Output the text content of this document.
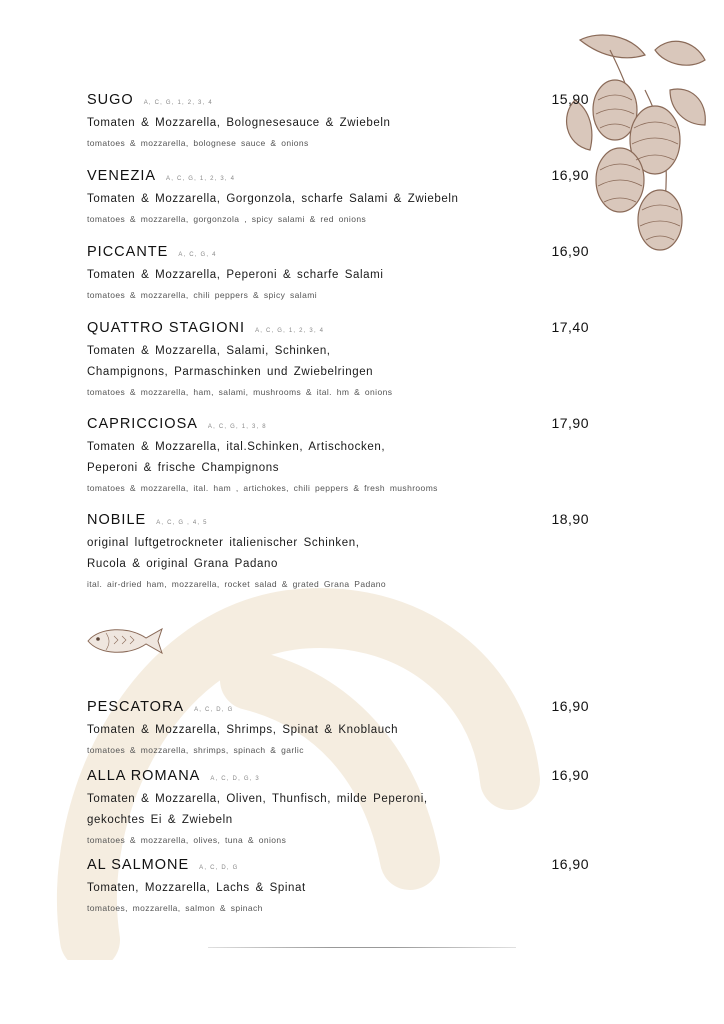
SUGO A, C, G, 1, 2, 3, 4	15,90
Tomaten & Mozzarella, Bolognesesauce & Zwiebeln
tomatoes & mozzarella, bolognese sauce & onions
VENEZIA A, C, G, 1, 2, 3, 4	16,90
Tomaten & Mozzarella, Gorgonzola, scharfe Salami & Zwiebeln
tomatoes & mozzarella, gorgonzola , spicy salami & red onions
PICCANTE A, C, G, 4	16,90
Tomaten & Mozzarella, Peperoni & scharfe Salami
tomatoes & mozzarella, chili peppers & spicy salami
QUATTRO STAGIONI A, C, G, 1, 2, 3, 4	17,40
Tomaten & Mozzarella, Salami, Schinken,
Champignons, Parmaschinken und Zwiebelringen
tomatoes & mozzarella, ham, salami, mushrooms & ital. hm & onions
CAPRICCIOSA A, C, G, 1, 3, 8	17,90
Tomaten & Mozzarella, ital.Schinken, Artischocken,
Peperoni & frische Champignons
tomatoes & mozzarella, ital. ham , artichokes, chili peppers & fresh mushrooms
NOBILE A, C, G , 4, 5	18,90
original luftgetrockneter italienischer Schinken,
Rucola & original Grana Padano
ital. air-dried ham, mozzarella, rocket salad & grated Grana Padano
PESCATORA A, C, D, G	16,90
Tomaten & Mozzarella, Shrimps, Spinat & Knoblauch
tomatoes & mozzarella, shrimps, spinach & garlic
ALLA ROMANA A, C, D, G, 3	16,90
Tomaten & Mozzarella, Oliven, Thunfisch, milde Peperoni,
gekochtes Ei & Zwiebeln
tomatoes & mozzarella, olives, tuna & onions
AL SALMONE A, C, D, G	16,90
Tomaten, Mozzarella, Lachs & Spinat
tomatoes, mozzarella, salmon & spinach
